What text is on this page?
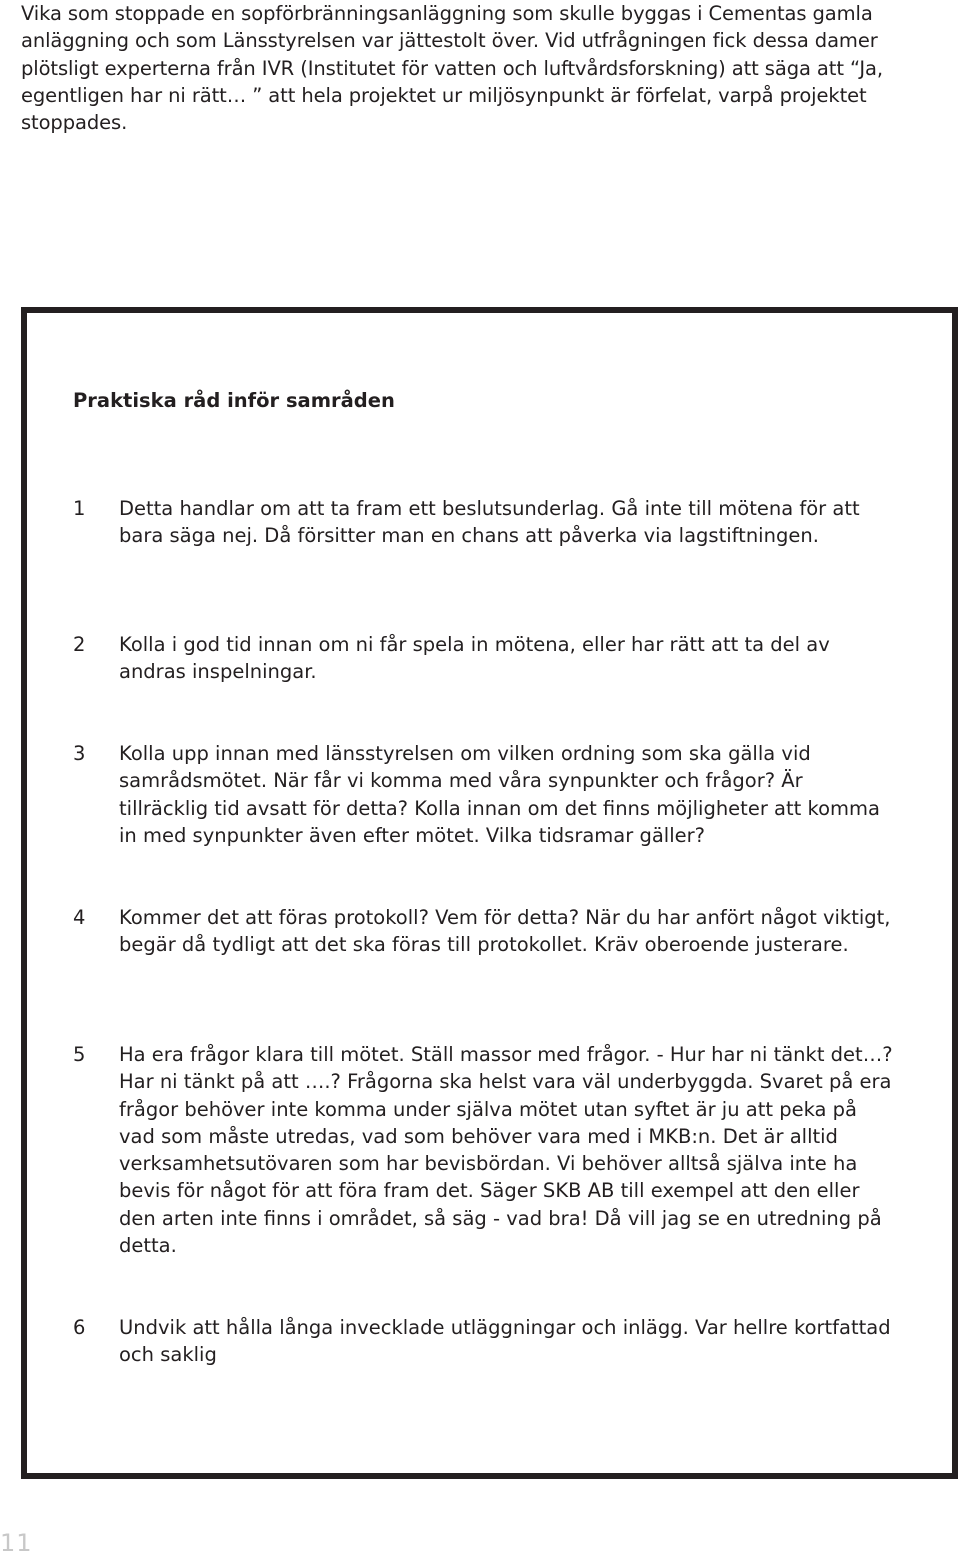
Vika som stoppade en sopförbränningsanläggning som skulle byggas i Cementas gamla anläggning och som Länsstyrelsen var jättestolt över. Vid utfrågningen fick dessa damer plötsligt experterna från IVR (Institutet för vatten och luftvårdsforskning) att säga att “Ja, egentligen har ni rätt… ” att hela projektet ur miljösynpunkt är förfelat, varpå projektet stoppades.

Praktiska råd inför samråden
1	Detta handlar om att ta fram ett beslutsunderlag. Gå inte till mötena för att bara säga nej. Då försitter man en chans att påverka via lagstiftningen.
2	Kolla i god tid innan om ni får spela in mötena, eller har rätt att ta del av andras inspelningar.
3	Kolla upp innan med länsstyrelsen om vilken ordning som ska gälla vid samrådsmötet. När får vi komma med våra synpunkter och frågor? Är tillräcklig tid avsatt för detta? Kolla innan om det finns möjligheter att komma in med synpunkter även efter mötet. Vilka tidsramar gäller?
4	Kommer det att föras protokoll? Vem för detta? När du har anfört något viktigt, begär då tydligt att det ska föras till protokollet. Kräv oberoende justerare.
5	Ha era frågor klara till mötet. Ställ massor med frågor. - Hur har ni tänkt det…? Har ni tänkt på att ….? Frågorna ska helst vara väl underbyggda. Svaret på era frågor behöver inte komma under själva mötet utan syftet är ju att peka på vad som måste utredas, vad som behöver vara med i MKB:n. Det är alltid verksamhetsutövaren som har bevisbördan. Vi behöver alltså själva inte ha bevis för något för att föra fram det. Säger SKB AB till exempel att den eller den arten inte finns i området, så säg - vad bra! Då vill jag se en utredning på detta.
6	Undvik att hålla långa invecklade utläggningar och inlägg. Var hellre kortfattad och saklig
11
